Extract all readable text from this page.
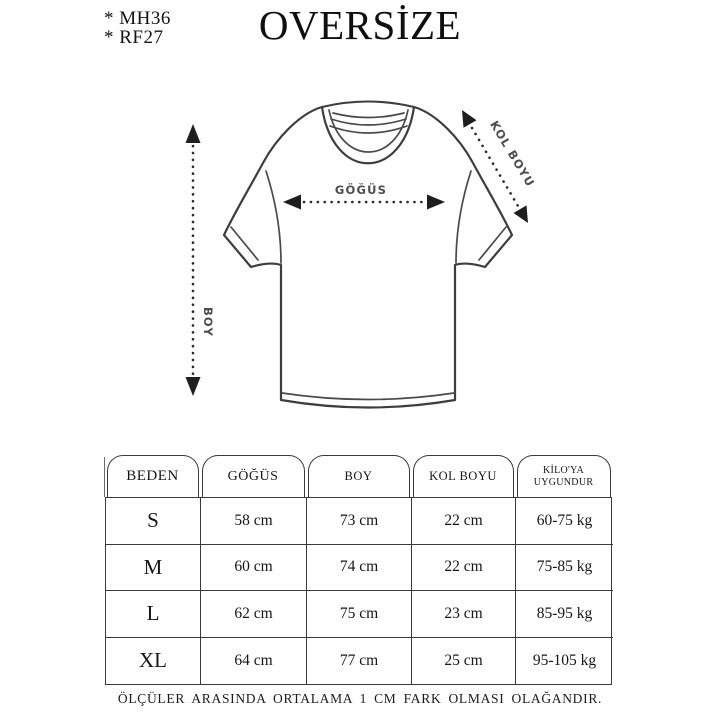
* MH36
* RF27	OVERSİZE
BOY
GÖĞÜS
KOL BOYU
BEDEN	GÖĞÜS	BOY	KOL BOYU	KİLO'YA
UYGUNDUR
S	58 cm	73 cm	22 cm	60-75 kg
M	60 cm	74 cm	22 cm	75-85 kg
L	62 cm	75 cm	23 cm	85-95 kg
XL	64 cm	77 cm	25 cm	95-105 kg
ÖLÇÜLER ARASINDA ORTALAMA 1 CM FARK OLMASI OLAĞANDIR.
